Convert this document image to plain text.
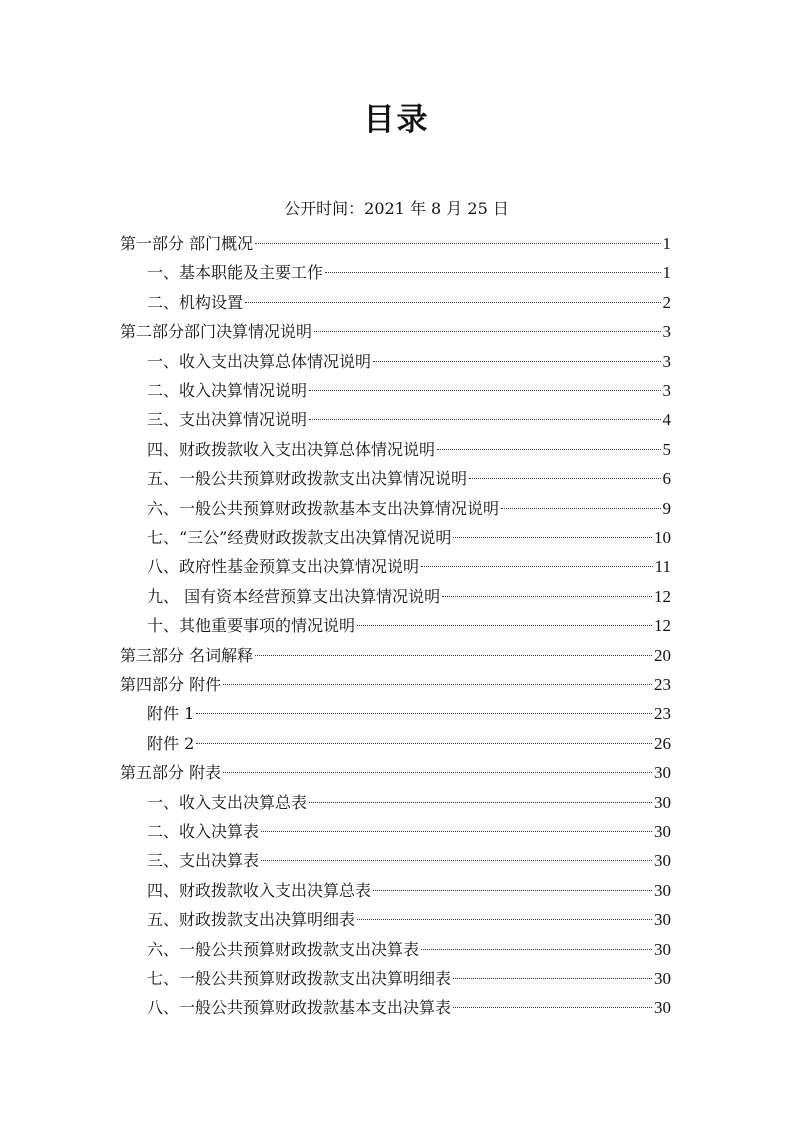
目录
公开时间：2021 年 8 月 25 日
第一部分 部门概况	1
一、基本职能及主要工作	1
二、机构设置	2
第二部分部门决算情况说明	3
一、收入支出决算总体情况说明	3
二、收入决算情况说明	3
三、支出决算情况说明	4
四、财政拨款收入支出决算总体情况说明	5
五、一般公共预算财政拨款支出决算情况说明	6
六、一般公共预算财政拨款基本支出决算情况说明	9
七、“三公”经费财政拨款支出决算情况说明	10
八、政府性基金预算支出决算情况说明	11
九、 国有资本经营预算支出决算情况说明	12
十、其他重要事项的情况说明	12
第三部分 名词解释	20
第四部分 附件	23
附件 1	23
附件 2	26
第五部分 附表	30
一、收入支出决算总表	30
二、收入决算表	30
三、支出决算表	30
四、财政拨款收入支出决算总表	30
五、财政拨款支出决算明细表	30
六、一般公共预算财政拨款支出决算表	30
七、一般公共预算财政拨款支出决算明细表	30
八、一般公共预算财政拨款基本支出决算表	30
